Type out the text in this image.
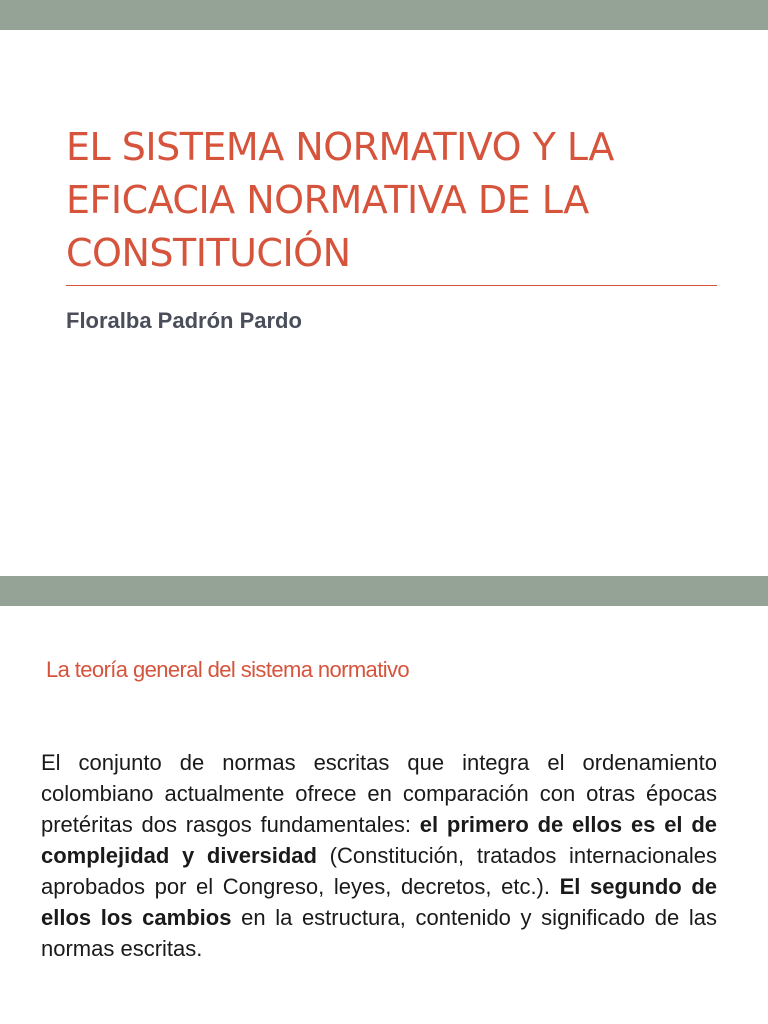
EL SISTEMA NORMATIVO Y LA EFICACIA NORMATIVA DE LA CONSTITUCIÓN

Floralba Padrón Pardo

La teoría general del sistema normativo

El conjunto de normas escritas que integra el ordenamiento colombiano actualmente ofrece en comparación con otras épocas pretéritas dos rasgos fundamentales: el primero de ellos es el de complejidad y diversidad (Constitución, tratados internacionales aprobados por el Congreso, leyes, decretos, etc.). El segundo de ellos los cambios en la estructura, contenido y significado de las normas escritas.
